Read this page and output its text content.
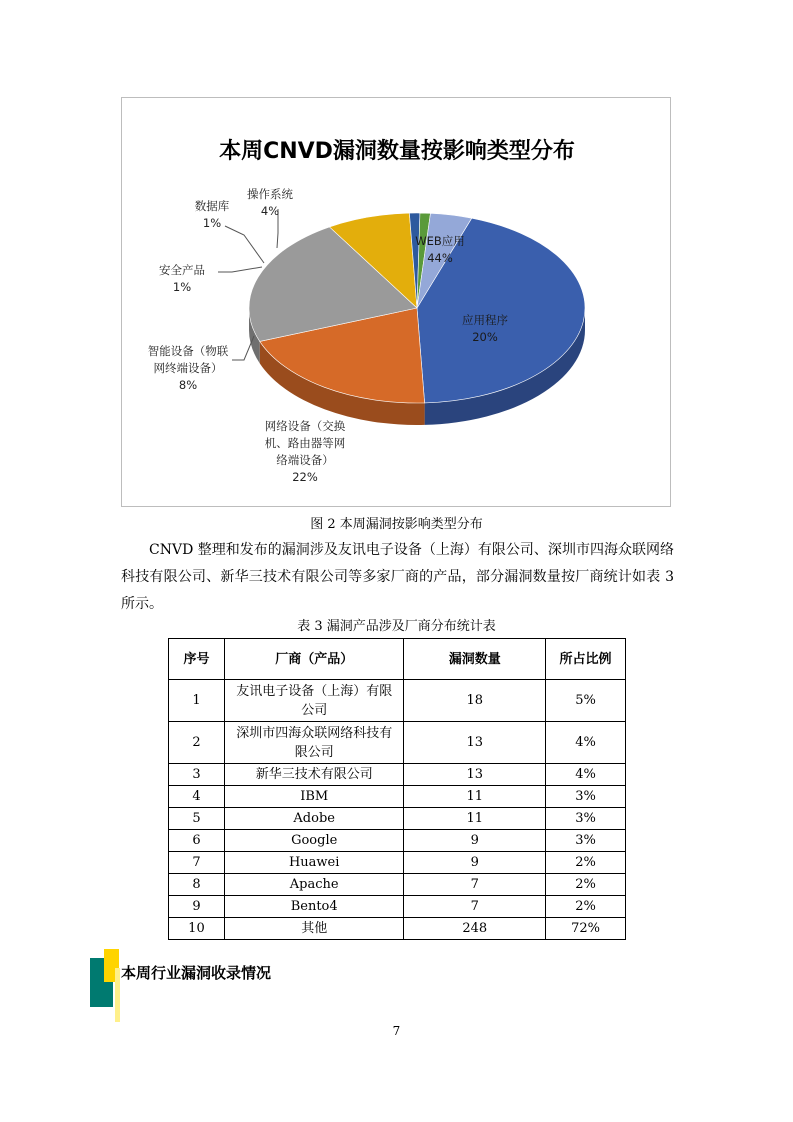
本周CNVD漏洞数量按影响类型分布
WEB应用 44%
应用程序 20%
操作系统 4%
数据库 1%
安全产品 1%
智能设备（物联网终端设备） 8%
网络设备（交换机、路由器等网络端设备） 22%
图 2 本周漏洞按影响类型分布
CNVD 整理和发布的漏洞涉及友讯电子设备（上海）有限公司、深圳市四海众联网络科技有限公司、新华三技术有限公司等多家厂商的产品，部分漏洞数量按厂商统计如表 3 所示。
表 3 漏洞产品涉及厂商分布统计表
序号	厂商（产品）	漏洞数量	所占比例
1	友讯电子设备（上海）有限公司	18	5%
2	深圳市四海众联网络科技有限公司	13	4%
3	新华三技术有限公司	13	4%
4	IBM	11	3%
5	Adobe	11	3%
6	Google	9	3%
7	Huawei	9	2%
8	Apache	7	2%
9	Bento4	7	2%
10	其他	248	72%
本周行业漏洞收录情况
7
